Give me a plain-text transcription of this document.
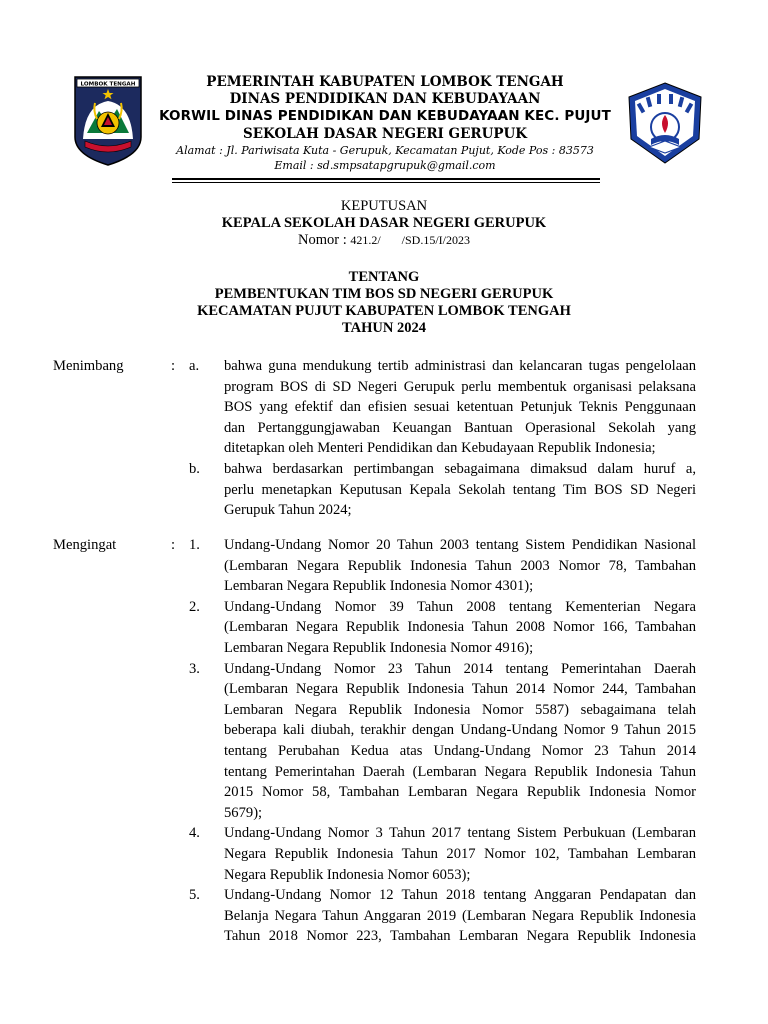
LOMBOK TENGAH	PEMERINTAH KABUPATEN LOMBOK TENGAH
DINAS PENDIDIKAN DAN KEBUDAYAAN
KORWIL DINAS PENDIDIKAN DAN KEBUDAYAAN KEC. PUJUT
SEKOLAH DASAR NEGERI GERUPUK
Alamat : Jl. Pariwisata Kuta - Gerupuk, Kecamatan Pujut, Kode Pos : 83573
Email : sd.smpsatapgrupuk@gmail.com
KEPUTUSAN
KEPALA SEKOLAH DASAR NEGERI GERUPUK
Nomor : 421.2/       /SD.15/I/2023
TENTANG
PEMBENTUKAN TIM BOS SD NEGERI GERUPUK
KECAMATAN PUJUT KABUPATEN LOMBOK TENGAH
TAHUN 2024
Menimbang	: a. bahwa guna mendukung tertib administrasi dan kelancaran tugas pengelolaan
program BOS di SD Negeri Gerupuk perlu membentuk organisasi pelaksana
BOS yang efektif dan efisien sesuai ketentuan Petunjuk Teknis Penggunaan
dan Pertanggungjawaban Keuangan Bantuan Operasional Sekolah yang
ditetapkan oleh Menteri Pendidikan dan Kebudayaan Republik Indonesia;
b. bahwa berdasarkan pertimbangan sebagaimana dimaksud dalam huruf a,
perlu menetapkan Keputusan Kepala Sekolah tentang Tim BOS SD Negeri
Gerupuk Tahun 2024;
Mengingat	: 1. Undang-Undang Nomor 20 Tahun 2003 tentang Sistem Pendidikan Nasional
(Lembaran Negara Republik Indonesia Tahun 2003 Nomor 78, Tambahan
Lembaran Negara Republik Indonesia Nomor 4301);
2. Undang-Undang Nomor 39 Tahun 2008 tentang Kementerian Negara
(Lembaran Negara Republik Indonesia Tahun 2008 Nomor 166, Tambahan
Lembaran Negara Republik Indonesia Nomor 4916);
3. Undang-Undang Nomor 23 Tahun 2014 tentang Pemerintahan Daerah
(Lembaran Negara Republik Indonesia Tahun 2014 Nomor 244, Tambahan
Lembaran Negara Republik Indonesia Nomor 5587) sebagaimana telah
beberapa kali diubah, terakhir dengan Undang-Undang Nomor 9 Tahun 2015
tentang Perubahan Kedua atas Undang-Undang Nomor 23 Tahun 2014
tentang Pemerintahan Daerah (Lembaran Negara Republik Indonesia Tahun
2015 Nomor 58, Tambahan Lembaran Negara Republik Indonesia Nomor
5679);
4. Undang-Undang Nomor 3 Tahun 2017 tentang Sistem Perbukuan (Lembaran
Negara Republik Indonesia Tahun 2017 Nomor 102, Tambahan Lembaran
Negara Republik Indonesia Nomor 6053);
5. Undang-Undang Nomor 12 Tahun 2018 tentang Anggaran Pendapatan dan
Belanja Negara Tahun Anggaran 2019 (Lembaran Negara Republik Indonesia
Tahun 2018 Nomor 223, Tambahan Lembaran Negara Republik Indonesia
